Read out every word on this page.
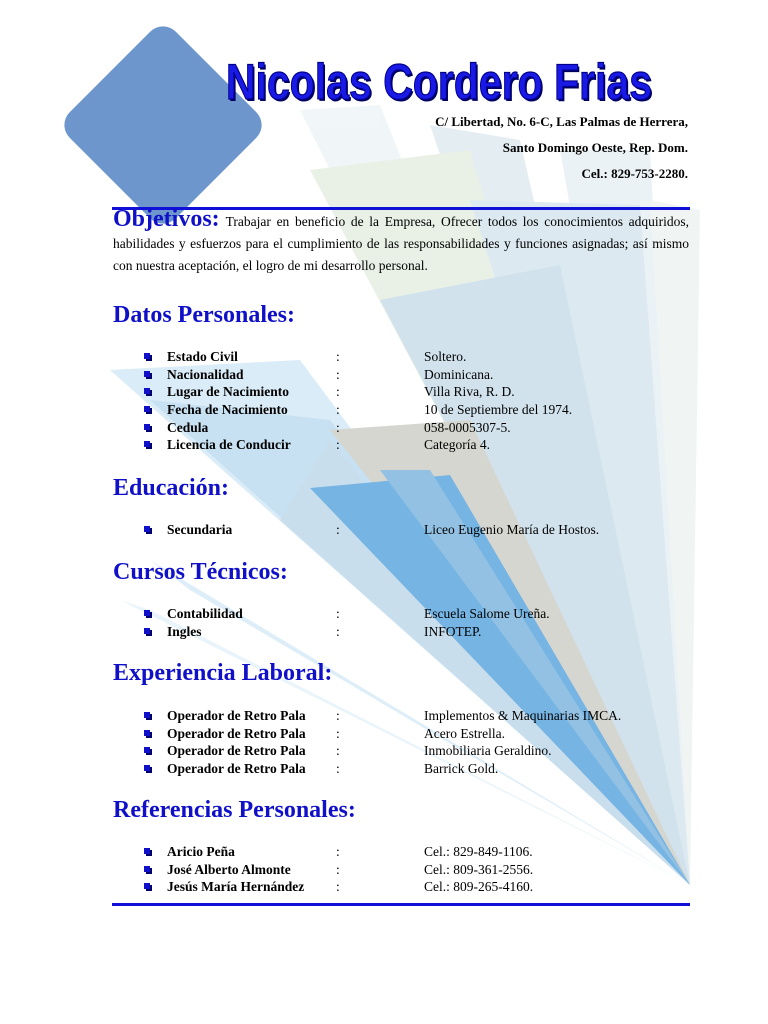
Nicolas Cordero Frias
C/ Libertad, No. 6-C, Las Palmas de Herrera,
Santo Domingo Oeste, Rep. Dom.
Cel.: 829-753-2280.
Objetivos: Trabajar en beneficio de la Empresa, Ofrecer todos los conocimientos adquiridos, habilidades y esfuerzos para el cumplimiento de las responsabilidades y funciones asignadas; así mismo con nuestra aceptación, el logro de mi desarrollo personal.
Datos Personales:
Estado Civil	:	Soltero.
Nacionalidad	:	Dominicana.
Lugar de Nacimiento	:	Villa Riva, R. D.
Fecha de Nacimiento	:	10 de Septiembre del 1974.
Cedula	:	058-0005307-5.
Licencia de Conducir	:	Categoría 4.
Educación:
Secundaria	:	Liceo Eugenio María de Hostos.
Cursos Técnicos:
Contabilidad	:	Escuela Salome Ureña.
Ingles	:	INFOTEP.
Experiencia Laboral:
Operador de Retro Pala :	Implementos & Maquinarias IMCA.
Operador de Retro Pala :	Acero Estrella.
Operador de Retro Pala :	Inmobiliaria Geraldino.
Operador de Retro Pala :	Barrick Gold.
Referencias Personales:
Aricio Peña	:	Cel.: 829-849-1106.
José Alberto Almonte	:	Cel.: 809-361-2556.
Jesús María Hernández :	Cel.: 809-265-4160.
